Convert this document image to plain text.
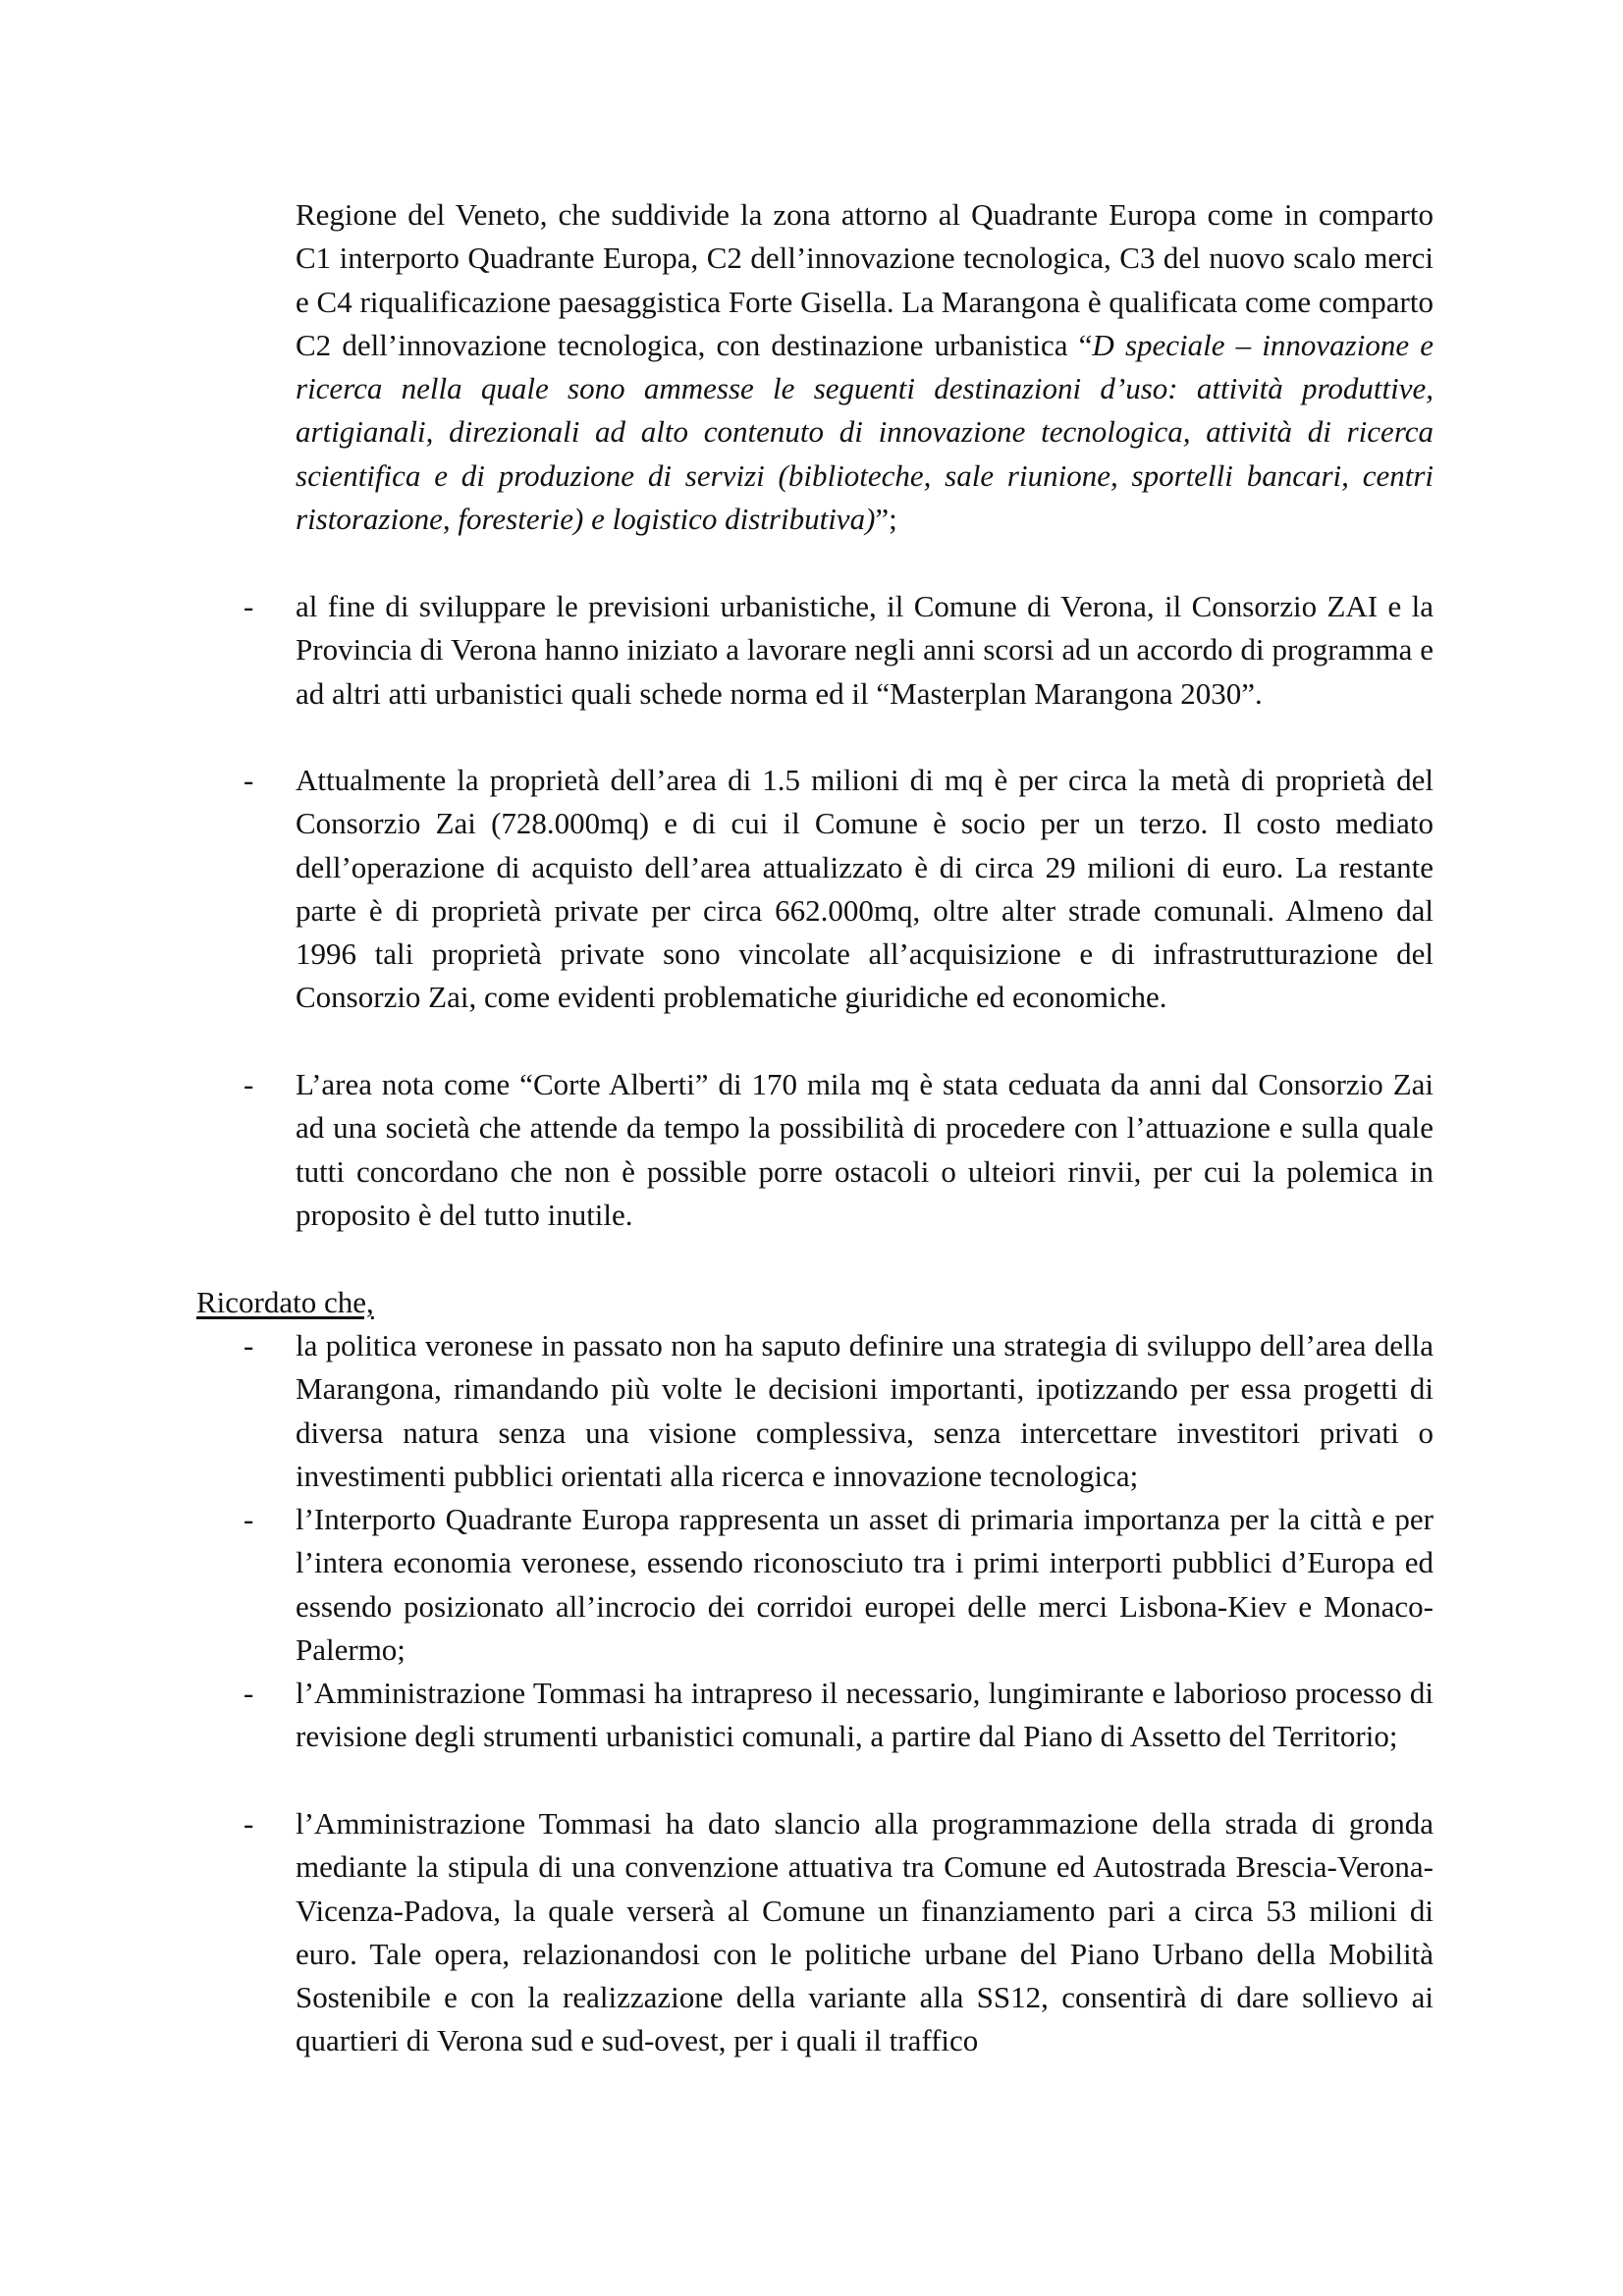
Regione del Veneto, che suddivide la zona attorno al Quadrante Europa come in comparto C1 interporto Quadrante Europa, C2 dell’innovazione tecnologica, C3 del nuovo scalo merci e C4 riqualificazione paesaggistica Forte Gisella. La Marangona è qualificata come comparto C2 dell’innovazione tecnologica, con destinazione urbanistica “D speciale – innovazione e ricerca nella quale sono ammesse le seguenti destinazioni d’uso: attività produttive, artigianali, direzionali ad alto contenuto di innovazione tecnologica, attività di ricerca scientifica e di produzione di servizi (biblioteche, sale riunione, sportelli bancari, centri ristorazione, foresterie) e logistico distributiva)”;

- al fine di sviluppare le previsioni urbanistiche, il Comune di Verona, il Consorzio ZAI e la Provincia di Verona hanno iniziato a lavorare negli anni scorsi ad un accordo di programma e ad altri atti urbanistici quali schede norma ed il “Masterplan Marangona 2030”.

- Attualmente la proprietà dell’area di 1.5 milioni di mq è per circa la metà di proprietà del Consorzio Zai (728.000mq) e di cui il Comune è socio per un terzo. Il costo mediato dell’operazione di acquisto dell’area attualizzato è di circa 29 milioni di euro. La restante parte è di proprietà private per circa 662.000mq, oltre alter strade comunali. Almeno dal 1996 tali proprietà private sono vincolate all’acquisizione e di infrastrutturazione del Consorzio Zai, come evidenti problematiche giuridiche ed economiche.

- L’area nota come “Corte Alberti” di 170 mila mq è stata ceduata da anni dal Consorzio Zai ad una società che attende da tempo la possibilità di procedere con l’attuazione e sulla quale tutti concordano che non è possible porre ostacoli o ulteiori rinvii, per cui la polemica in proposito è del tutto inutile.

Ricordato che,

- la politica veronese in passato non ha saputo definire una strategia di sviluppo dell’area della Marangona, rimandando più volte le decisioni importanti, ipotizzando per essa progetti di diversa natura senza una visione complessiva, senza intercettare investitori privati o investimenti pubblici orientati alla ricerca e innovazione tecnologica;

- l’Interporto Quadrante Europa rappresenta un asset di primaria importanza per la città e per l’intera economia veronese, essendo riconosciuto tra i primi interporti pubblici d’Europa ed essendo posizionato all’incrocio dei corridoi europei delle merci Lisbona-Kiev e Monaco-Palermo;

- l’Amministrazione Tommasi ha intrapreso il necessario, lungimirante e laborioso processo di revisione degli strumenti urbanistici comunali, a partire dal Piano di Assetto del Territorio;

- l’Amministrazione Tommasi ha dato slancio alla programmazione della strada di gronda mediante la stipula di una convenzione attuativa tra Comune ed Autostrada Brescia-Verona-Vicenza-Padova, la quale verserà al Comune un finanziamento pari a circa 53 milioni di euro. Tale opera, relazionandosi con le politiche urbane del Piano Urbano della Mobilità Sostenibile e con la realizzazione della variante alla SS12, consentirà di dare sollievo ai quartieri di Verona sud e sud-ovest, per i quali il traffico
